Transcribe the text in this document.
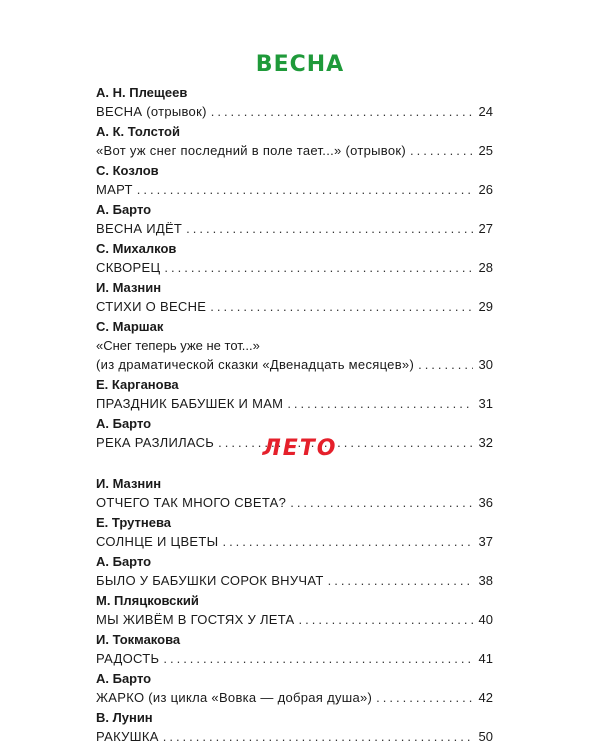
ВЕСНА
А. Н. Плещеев
ВЕСНА (отрывок) .....	24
А. К. Толстой
«Вот уж снег последний в поле тает...» (отрывок) .....	25
С. Козлов
МАРТ .....	26
А. Барто
ВЕСНА ИДЁТ .....	27
С. Михалков
СКВОРЕЦ .....	28
И. Мазнин
СТИХИ О ВЕСНЕ .....	29
С. Маршак
«Снег теперь уже не тот...»
(из драматической сказки «Двенадцать месяцев») .....	30
Е. Карганова
ПРАЗДНИК БАБУШЕК И МАМ .....	31
А. Барто
РЕКА РАЗЛИЛАСЬ .....	32
ЛЕТО
И. Мазнин
ОТЧЕГО ТАК МНОГО СВЕТА? .....	36
Е. Трутнева
СОЛНЦЕ И ЦВЕТЫ .....	37
А. Барто
БЫЛО У БАБУШКИ СОРОК ВНУЧАТ .....	38
М. Пляцковский
МЫ ЖИВЁМ В ГОСТЯХ У ЛЕТА .....	40
И. Токмакова
РАДОСТЬ .....	41
А. Барто
ЖАРКО (из цикла «Вовка — добрая душа») .....	42
В. Лунин
РАКУШКА .....	50
